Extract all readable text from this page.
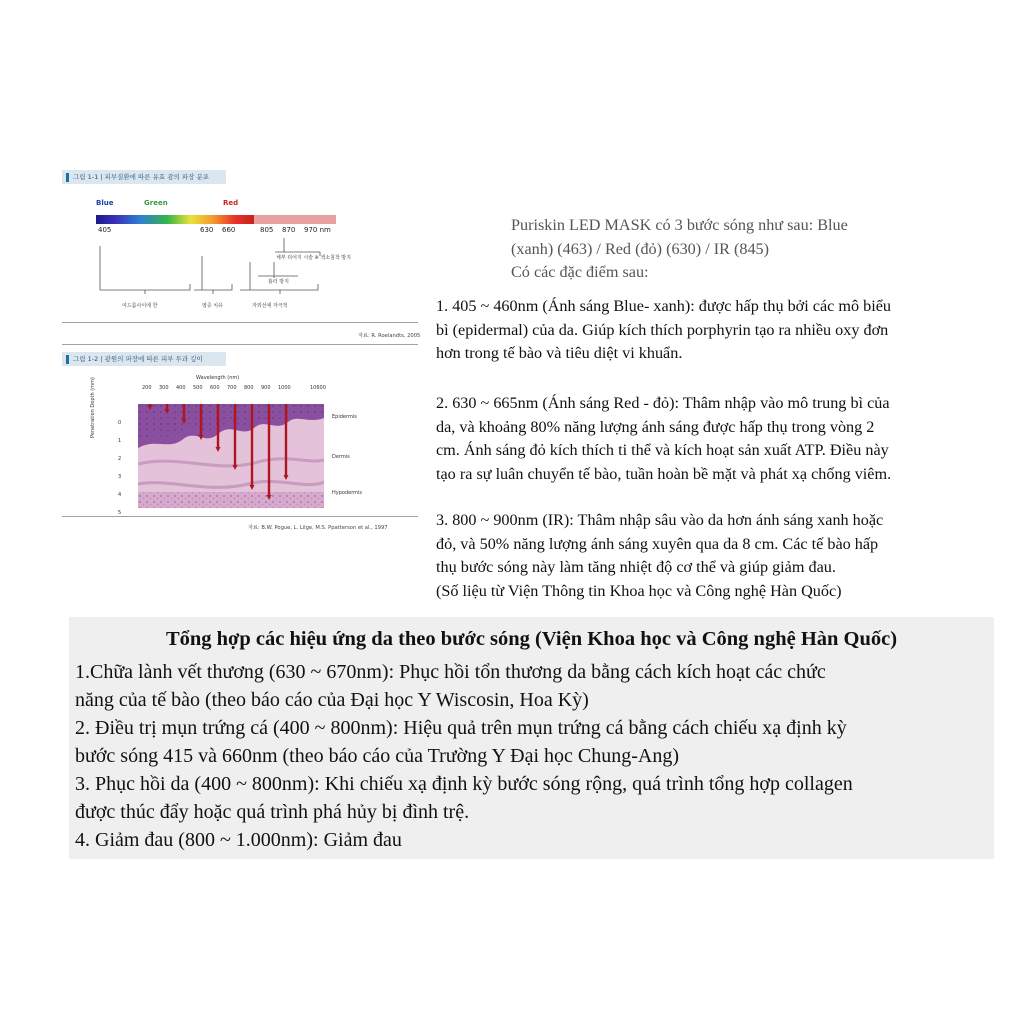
그림 1-1 | 피부질환에 따른 유효 광의 파장 분포
Blue	Green	Red
405	630 660	805 870 970 nm
체부 리어지 시술 ※ 색소침착 방지
흉터 방지
여드름사이에 한	염증 치유	자외선에 자극적
자료: R. Roelandts, 2005
그림 1-2 | 광원의 파장에 따른 피부 투과 깊이
Wavelength (nm)
200 300 400 500 600 700 800 900 1000	10600
Penetration Depth (mm)	0
1
2
3
4
5
Epidermis
Dermis
Hypodermis
자료: B.W. Pogue, L. Lilge, M.S. Ppatterson et al., 1997
Puriskin LED MASK có 3 bước sóng như sau: Blue
(xanh) (463) / Red (đỏ) (630) / IR (845)
Có các đặc điểm sau:
1. 405 ~ 460nm (Ánh sáng Blue- xanh): được hấp thụ bởi các mô biểu
bì (epidermal) của da. Giúp kích thích porphyrin tạo ra nhiều oxy đơn
hơn trong tế bào và tiêu diệt vi khuẩn.
2. 630 ~ 665nm (Ánh sáng Red - đỏ): Thâm nhập vào mô trung bì của
da, và khoảng 80% năng lượng ánh sáng được hấp thụ trong vòng 2
cm. Ánh sáng đỏ kích thích ti thể và kích hoạt sản xuất ATP. Điều này
tạo ra sự luân chuyển tế bào, tuần hoàn bề mặt và phát xạ chống viêm.
3. 800 ~ 900nm (IR): Thâm nhập sâu vào da hơn ánh sáng xanh hoặc
đỏ, và 50% năng lượng ánh sáng xuyên qua da 8 cm. Các tế bào hấp
thụ bước sóng này làm tăng nhiệt độ cơ thể và giúp giảm đau.
(Số liệu từ Viện Thông tin Khoa học và Công nghệ Hàn Quốc)
Tổng hợp các hiệu ứng da theo bước sóng (Viện Khoa học và Công nghệ Hàn Quốc)
1.Chữa lành vết thương (630 ~ 670nm): Phục hồi tổn thương da bằng cách kích hoạt các chức
năng của tế bào (theo báo cáo của Đại học Y Wiscosin, Hoa Kỳ)
2. Điều trị mụn trứng cá (400 ~ 800nm): Hiệu quả trên mụn trứng cá bằng cách chiếu xạ định kỳ
bước sóng 415 và 660nm (theo báo cáo của Trường Y Đại học Chung-Ang)
3. Phục hồi da (400 ~ 800nm): Khi chiếu xạ định kỳ bước sóng rộng, quá trình tổng hợp collagen
được thúc đẩy hoặc quá trình phá hủy bị đình trệ.
4. Giảm đau (800 ~ 1.000nm): Giảm đau
